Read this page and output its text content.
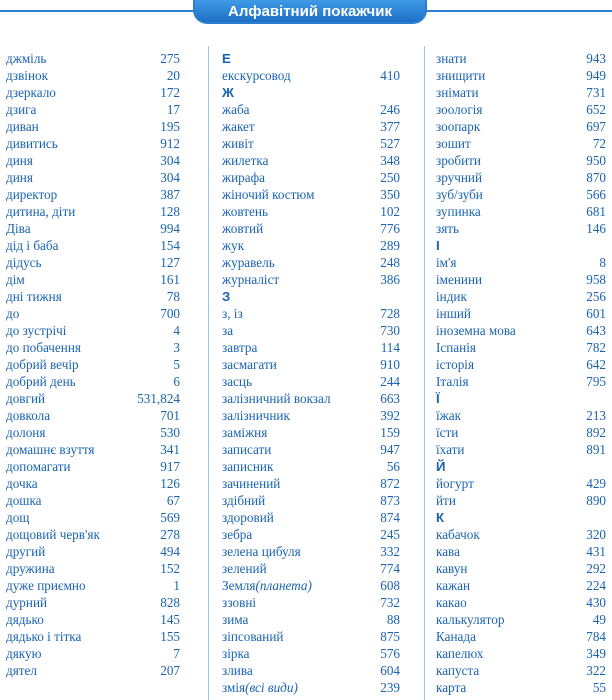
Алфавітний покажчик
джміль	275
дзвінок	20
дзеркало	172
дзига	17
диван	195
дивитись	912
диня	304
диня	304
директор	387
дитина, діти	128
Діва	994
дід і баба	154
дідусь	127
дім	161
дні тижня	78
до	700
до зустрічі	4
до побачення	3
добрий вечір	5
добрий день	6
довгий	531,824
довкола	701
долоня	530
домашнє взуття	341
допомагати	917
дочка	126
дошка	67
дощ	569
дощовий черв'як	278
другий	494
дружина	152
дуже приємно	1
дурний	828
дядько	145
дядько і тітка	155
дякую	7
дятел	207
Е
екскурсовод	410
Ж
жаба	246
жакет	377
живіт	527
жилетка	348
жирафа	250
жіночий костюм	350
жовтень	102
жовтий	776
жук	289
журавель	248
журналіст	386
З
з, із	728
за	730
завтра	114
засмагати	910
засць	244
залізничний вокзал	663
залізничник	392
заміжня	159
записати	947
записник	56
зачинений	872
здібний	873
здоровий	874
зебра	245
зелена цибуля	332
зелений	774
Земля (планета)	608
ззовні	732
зима	88
зіпсований	875
зірка	576
злива	604
змія (всі види)	239
знати	943
знищити	949
знімати	731
зоологія	652
зоопарк	697
зошит	72
зробити	950
зручний	870
зуб/зуби	566
зупинка	681
зять	146
І
ім'я	8
іменини	958
індик	256
інший	601
іноземна мова	643
Іспанія	782
історія	642
Італія	795
Ї
їжак	213
їсти	892
їхати	891
Й
йогурт	429
йти	890
К
кабачок	320
кава	431
кавун	292
кажан	224
какао	430
калькулятор	49
Канада	784
капелюх	349
капуста	322
карта	55
